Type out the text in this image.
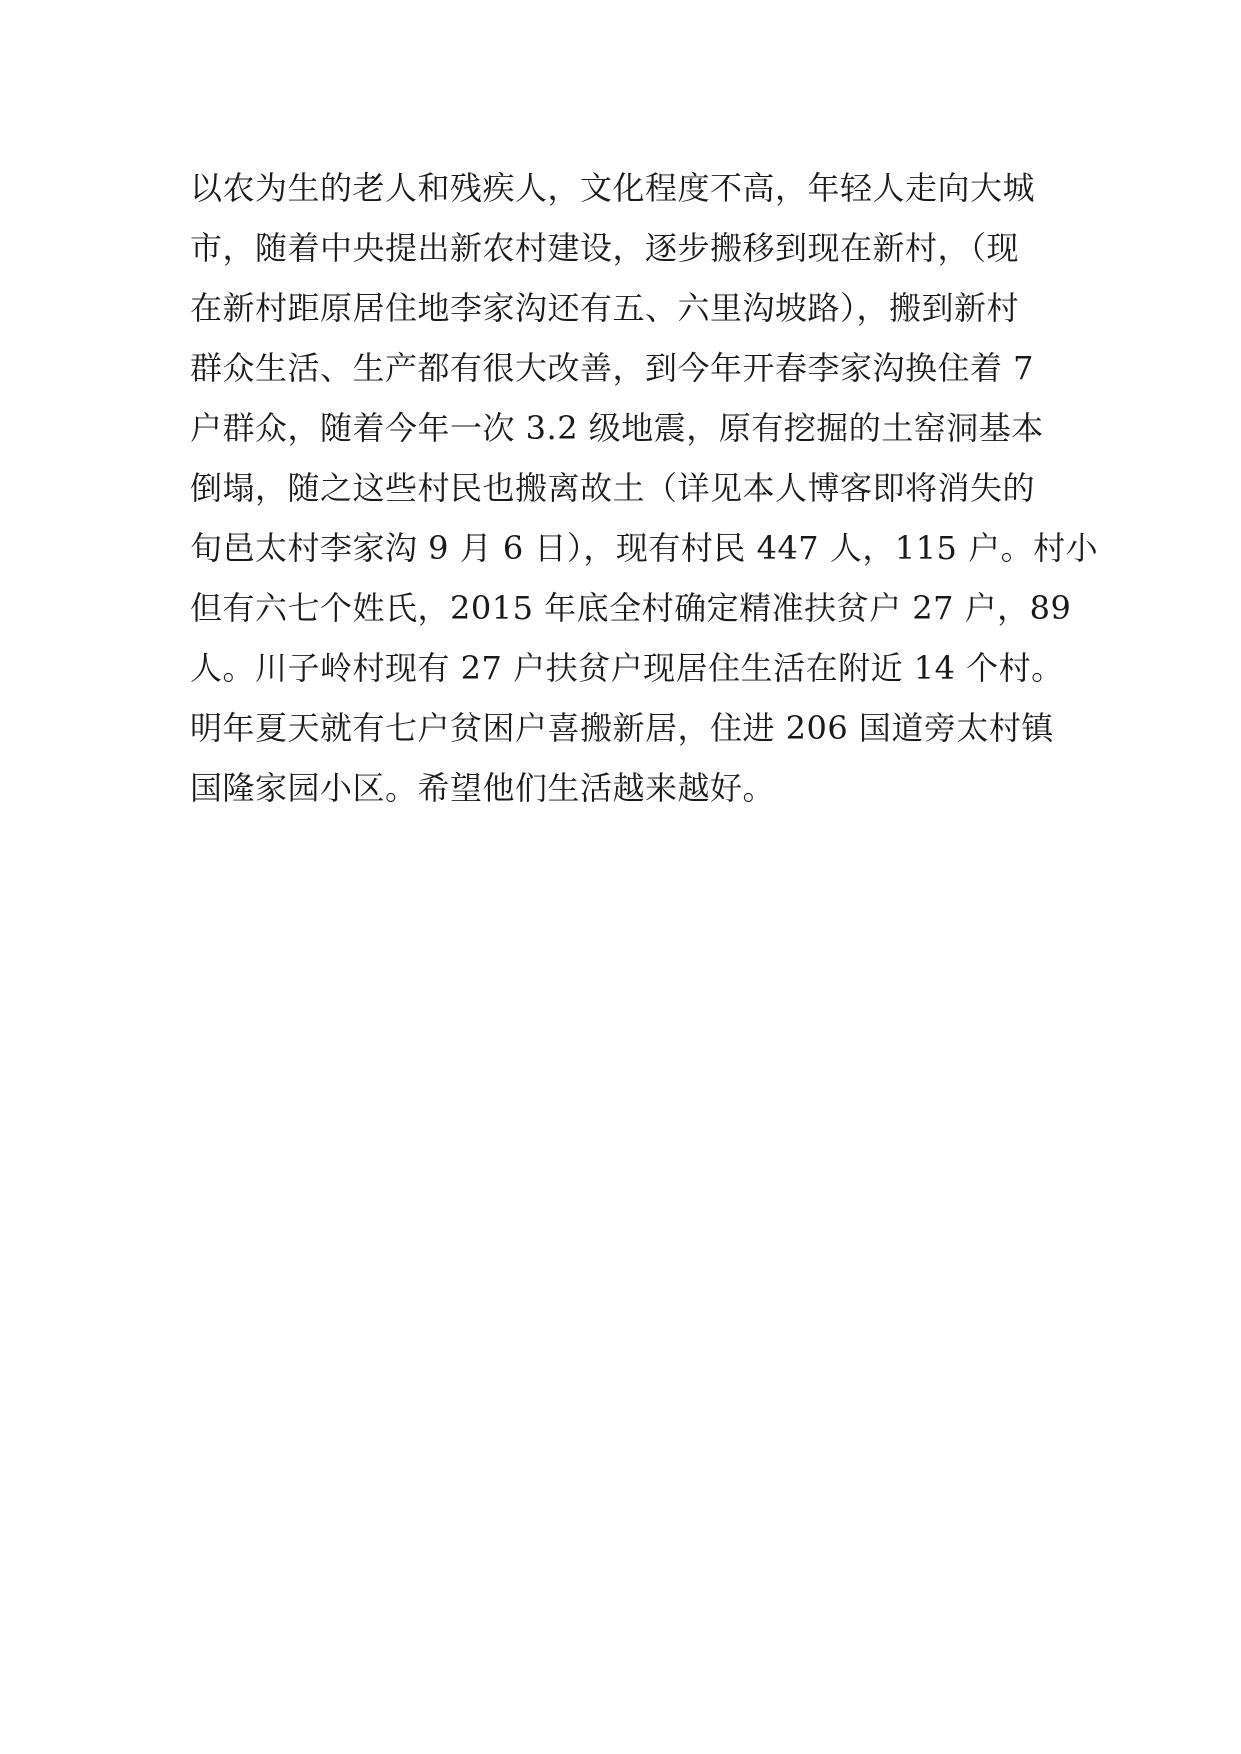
以农为生的老人和残疾人，文化程度不高，年轻人走向大城
市，随着中央提出新农村建设，逐步搬移到现在新村，（现
在新村距原居住地李家沟还有五、六里沟坡路），搬到新村
群众生活、生产都有很大改善，到今年开春李家沟换住着 7
户群众，随着今年一次 3.2 级地震，原有挖掘的土窑洞基本
倒塌，随之这些村民也搬离故土（详见本人博客即将消失的
旬邑太村李家沟 9 月 6 日），现有村民 447 人，115 户。村小
但有六七个姓氏，2015 年底全村确定精准扶贫户 27 户，89
人。川子岭村现有 27 户扶贫户现居住生活在附近 14 个村。
明年夏天就有七户贫困户喜搬新居，住进 206 国道旁太村镇
国隆家园小区。希望他们生活越来越好。
